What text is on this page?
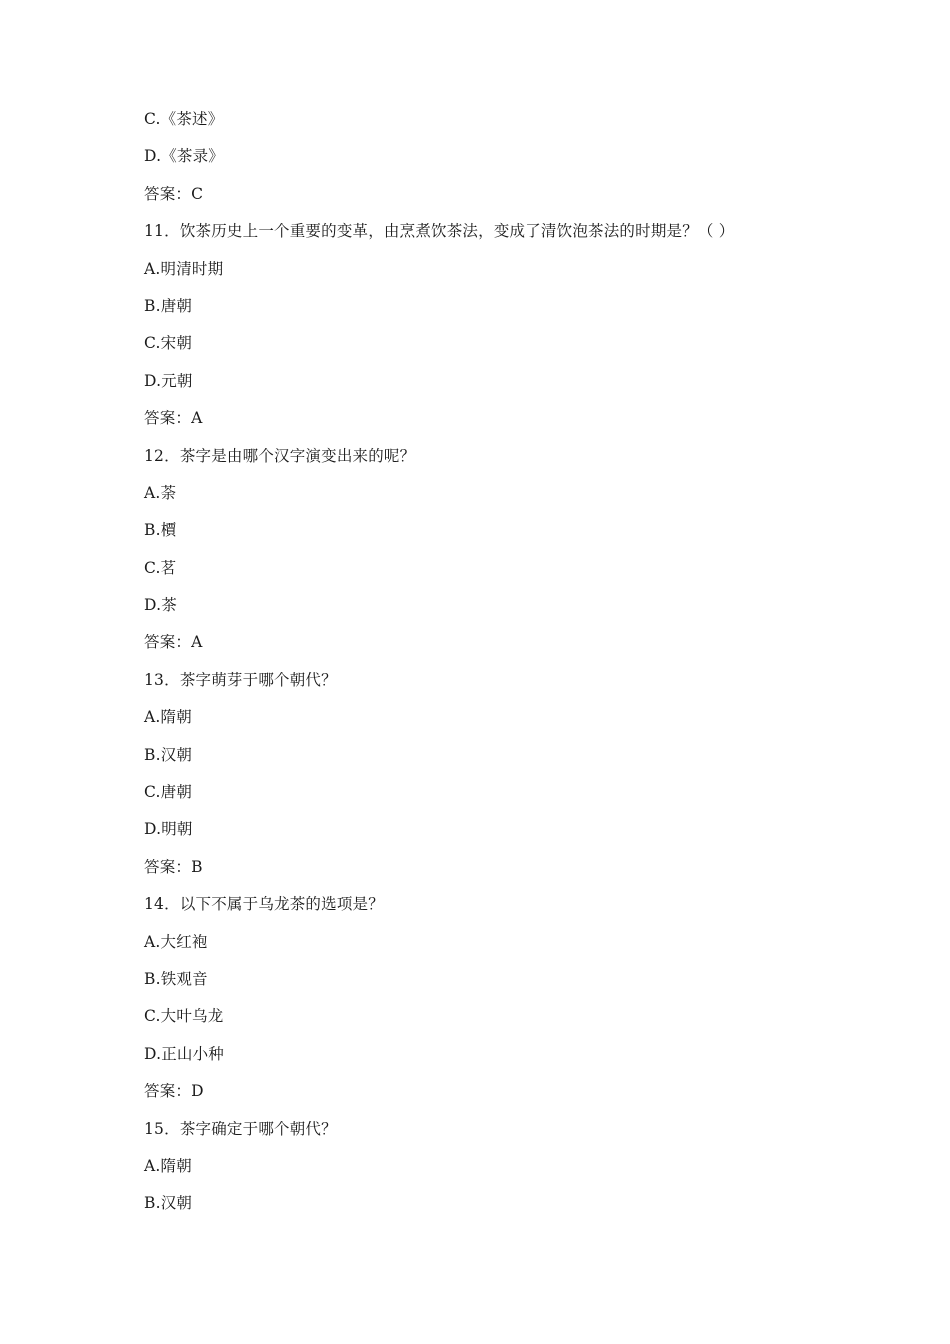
C.《茶述》
D.《茶录》
答案：C
11．饮茶历史上一个重要的变革，由烹煮饮茶法，变成了清饮泡茶法的时期是？（ ）
A.明清时期
B.唐朝
C.宋朝
D.元朝
答案：A
12．茶字是由哪个汉字演变出来的呢？
A.荼
B.檟
C.茗
D.茶
答案：A
13．茶字萌芽于哪个朝代？
A.隋朝
B.汉朝
C.唐朝
D.明朝
答案：B
14．以下不属于乌龙茶的选项是？
A.大红袍
B.铁观音
C.大叶乌龙
D.正山小种
答案：D
15．茶字确定于哪个朝代？
A.隋朝
B.汉朝
